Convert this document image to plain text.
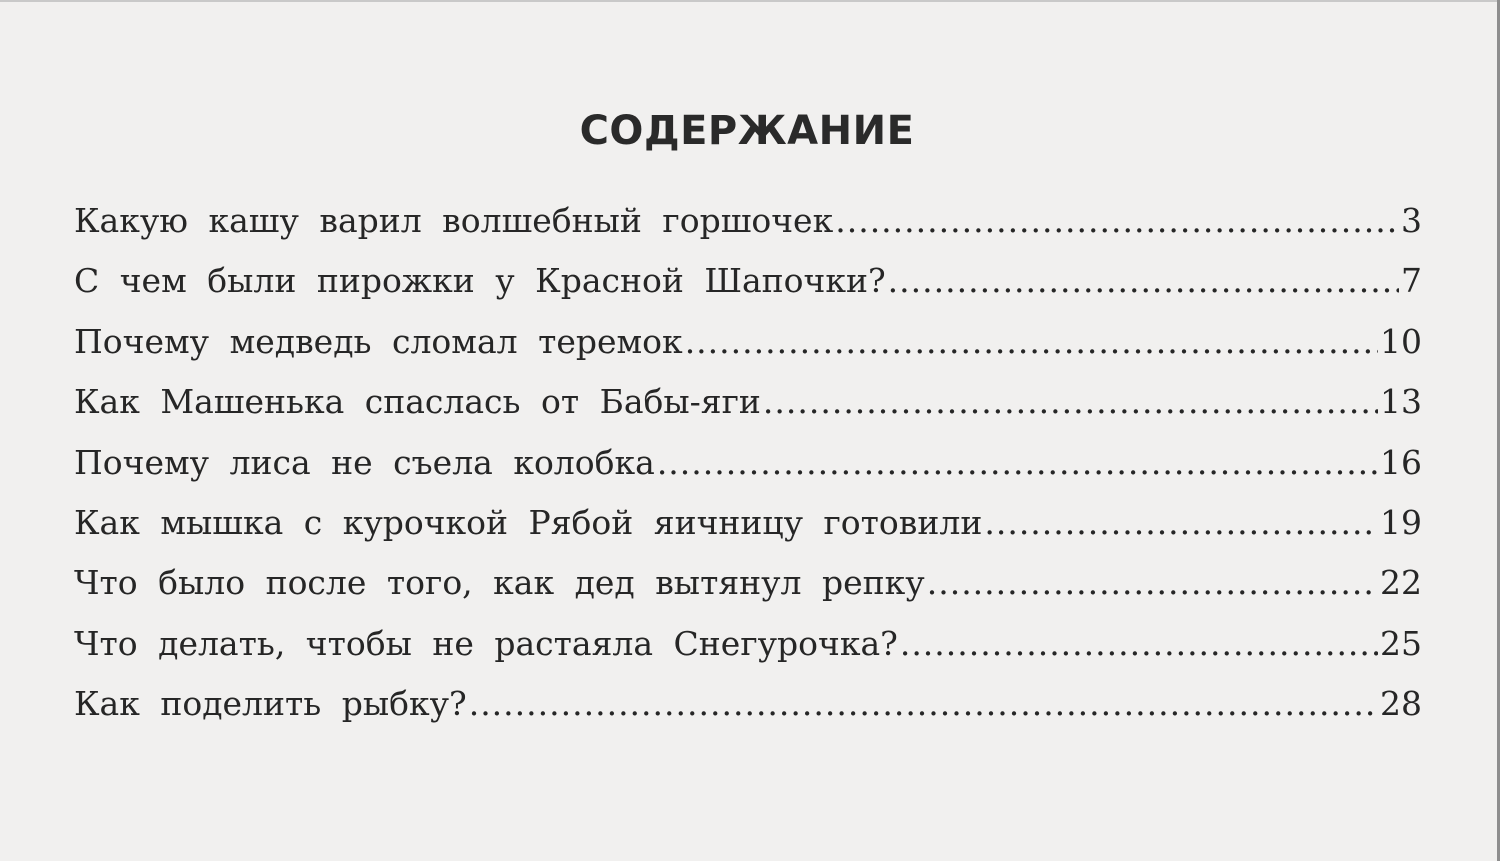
СОДЕРЖАНИЕ
Какую кашу варил волшебный горшочек .....	3
С чем были пирожки у Красной Шапочки? .....	7
Почему медведь сломал теремок .....	10
Как Машенька спаслась от Бабы-яги .....	13
Почему лиса не съела колобка .....	16
Как мышка с курочкой Рябой яичницу готовили .....	19
Что было после того, как дед вытянул репку .....	22
Что делать, чтобы не растаяла Снегурочка? .....	25
Как поделить рыбку? .....	28
